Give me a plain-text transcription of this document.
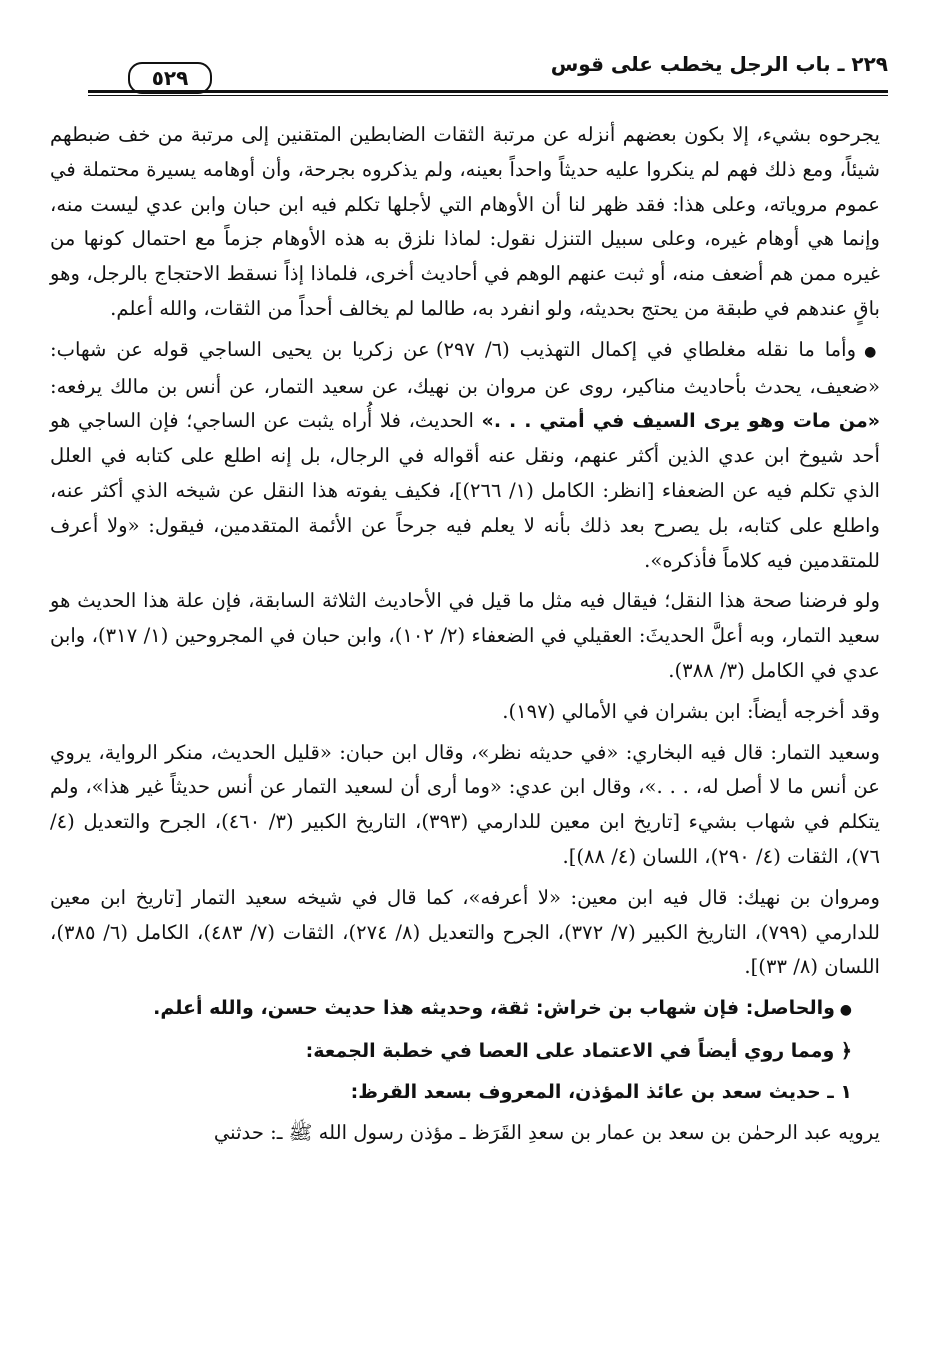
٢٢٩ ـ باب الرجل يخطب على قوس
٥٢٩

يجرحوه بشيء، إلا بكون بعضهم أنزله عن مرتبة الثقات الضابطين المتقنين إلى مرتبة من خف ضبطهم شيئاً، ومع ذلك فهم لم ينكروا عليه حديثاً واحداً بعينه، ولم يذكروه بجرحة، وأن أوهامه يسيرة محتملة في عموم مروياته، وعلى هذا: فقد ظهر لنا أن الأوهام التي لأجلها تكلم فيه ابن حبان وابن عدي ليست منه، وإنما هي أوهام غيره، وعلى سبيل التنزل نقول: لماذا نلزق به هذه الأوهام جزماً مع احتمال كونها من غيره ممن هم أضعف منه، أو ثبت عنهم الوهم في أحاديث أخرى، فلماذا إذاً نسقط الاحتجاج بالرجل، وهو باقٍ عندهم في طبقة من يحتج بحديثه، ولو انفرد به، طالما لم يخالف أحداً من الثقات، والله أعلم.

● وأما ما نقله مغلطاي في إكمال التهذيب (٦/ ٢٩٧) عن زكريا بن يحيى الساجي قوله عن شهاب: «ضعيف، يحدث بأحاديث مناكير، روى عن مروان بن نهيك، عن سعيد التمار، عن أنس بن مالك يرفعه: «من مات وهو يرى السيف في أمتي . . .» الحديث، فلا أُراه يثبت عن الساجي؛ فإن الساجي هو أحد شيوخ ابن عدي الذين أكثر عنهم، ونقل عنه أقواله في الرجال، بل إنه اطلع على كتابه في العلل الذي تكلم فيه عن الضعفاء [انظر: الكامل (١/ ٢٦٦)]، فكيف يفوته هذا النقل عن شيخه الذي أكثر عنه، واطلع على كتابه، بل يصرح بعد ذلك بأنه لا يعلم فيه جرحاً عن الأئمة المتقدمين، فيقول: «ولا أعرف للمتقدمين فيه كلاماً فأذكره».

ولو فرضنا صحة هذا النقل؛ فيقال فيه مثل ما قيل في الأحاديث الثلاثة السابقة، فإن علة هذا الحديث هو سعيد التمار، وبه أعلَّ الحديثَ: العقيلي في الضعفاء (٢/ ١٠٢)، وابن حبان في المجروحين (١/ ٣١٧)، وابن عدي في الكامل (٣/ ٣٨٨).

وقد أخرجه أيضاً: ابن بشران في الأمالي (١٩٧).

وسعيد التمار: قال فيه البخاري: «في حديثه نظر»، وقال ابن حبان: «قليل الحديث، منكر الرواية، يروي عن أنس ما لا أصل له، . . .»، وقال ابن عدي: «وما أرى أن لسعيد التمار عن أنس حديثاً غير هذا»، ولم يتكلم في شهاب بشيء [تاريخ ابن معين للدارمي (٣٩٣)، التاريخ الكبير (٣/ ٤٦٠)، الجرح والتعديل (٤/ ٧٦)، الثقات (٤/ ٢٩٠)، اللسان (٤/ ٨٨)].

ومروان بن نهيك: قال فيه ابن معين: «لا أعرفه»، كما قال في شيخه سعيد التمار [تاريخ ابن معين للدارمي (٧٩٩)، التاريخ الكبير (٧/ ٣٧٢)، الجرح والتعديل (٨/ ٢٧٤)، الثقات (٧/ ٤٨٣)، الكامل (٦/ ٣٨٥)، اللسان (٨/ ٣٣)].

● والحاصل: فإن شهاب بن خراش: ثقة، وحديثه هذا حديث حسن، والله أعلم.

﴿ ومما روي أيضاً في الاعتماد على العصا في خطبة الجمعة:

١ ـ حديث سعد بن عائذ المؤذن، المعروف بسعد القرظ:

يرويه عبد الرحمٰن بن سعد بن عمار بن سعدِ القَرَظ ـ مؤذن رسول الله ﷺ ـ: حدثني
